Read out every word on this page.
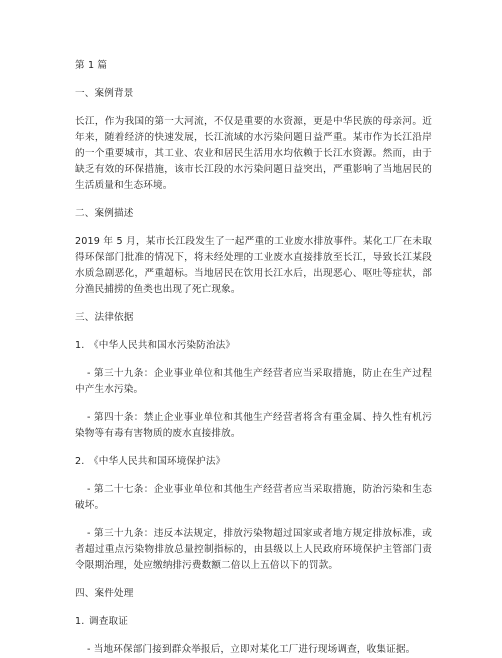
第 1 篇

一、案例背景

长江，作为我国的第一大河流，不仅是重要的水资源，更是中华民族的母亲河。近年来，随着经济的快速发展，长江流域的水污染问题日益严重。某市作为长江沿岸的一个重要城市，其工业、农业和居民生活用水均依赖于长江水资源。然而，由于缺乏有效的环保措施，该市长江段的水污染问题日益突出，严重影响了当地居民的生活质量和生态环境。

二、案例描述

2019 年 5 月，某市长江段发生了一起严重的工业废水排放事件。某化工厂在未取得环保部门批准的情况下，将未经处理的工业废水直接排放至长江，导致长江某段水质急剧恶化，严重超标。当地居民在饮用长江水后，出现恶心、呕吐等症状，部分渔民捕捞的鱼类也出现了死亡现象。

三、法律依据

1. 《中华人民共和国水污染防治法》

- 第三十九条：企业事业单位和其他生产经营者应当采取措施，防止在生产过程中产生水污染。

- 第四十条：禁止企业事业单位和其他生产经营者将含有重金属、持久性有机污染物等有毒有害物质的废水直接排放。

2. 《中华人民共和国环境保护法》

- 第二十七条：企业事业单位和其他生产经营者应当采取措施，防治污染和生态破坏。

- 第三十九条：违反本法规定，排放污染物超过国家或者地方规定排放标准，或者超过重点污染物排放总量控制指标的，由县级以上人民政府环境保护主管部门责令限期治理，处应缴纳排污费数额二倍以上五倍以下的罚款。

四、案件处理

1. 调查取证

- 当地环保部门接到群众举报后，立即对某化工厂进行现场调查，收集证据。
